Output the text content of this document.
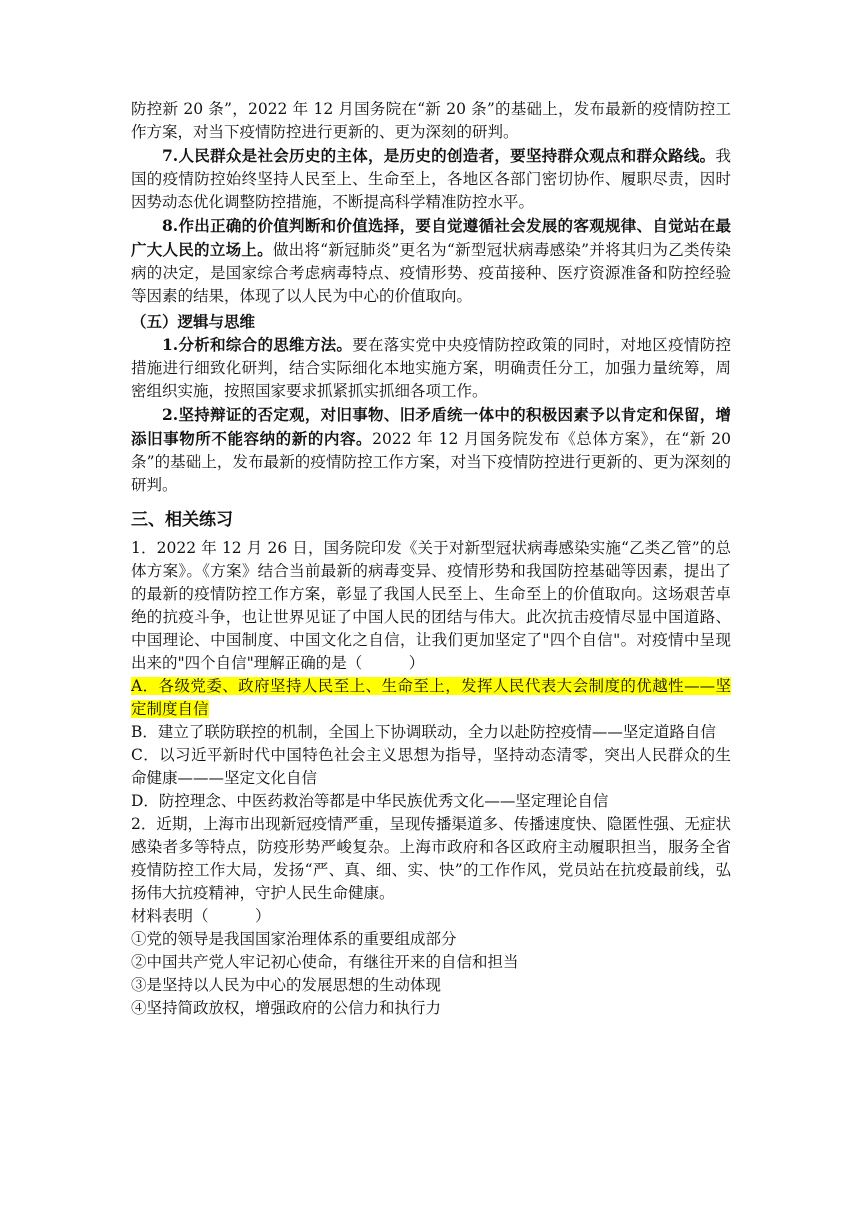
防控新 20 条”，2022 年 12 月国务院在“新 20 条”的基础上，发布最新的疫情防控工作方案，对当下疫情防控进行更新的、更为深刻的研判。

7.人民群众是社会历史的主体，是历史的创造者，要坚持群众观点和群众路线。我国的疫情防控始终坚持人民至上、生命至上，各地区各部门密切协作、履职尽责，因时因势动态优化调整防控措施，不断提高科学精准防控水平。

8.作出正确的价值判断和价值选择，要自觉遵循社会发展的客观规律、自觉站在最广大人民的立场上。做出将“新冠肺炎”更名为“新型冠状病毒感染”并将其归为乙类传染病的决定，是国家综合考虑病毒特点、疫情形势、疫苗接种、医疗资源准备和防控经验等因素的结果，体现了以人民为中心的价值取向。

（五）逻辑与思维

1.分析和综合的思维方法。要在落实党中央疫情防控政策的同时，对地区疫情防控措施进行细致化研判，结合实际细化本地实施方案，明确责任分工，加强力量统筹，周密组织实施，按照国家要求抓紧抓实抓细各项工作。

2.坚持辩证的否定观，对旧事物、旧矛盾统一体中的积极因素予以肯定和保留，增添旧事物所不能容纳的新的内容。2022 年 12 月国务院发布《总体方案》，在“新 20 条”的基础上，发布最新的疫情防控工作方案，对当下疫情防控进行更新的、更为深刻的研判。

三、相关练习

1．2022 年 12 月 26 日，国务院印发《关于对新型冠状病毒感染实施“乙类乙管”的总体方案》。《方案》结合当前最新的病毒变异、疫情形势和我国防控基础等因素，提出了的最新的疫情防控工作方案，彰显了我国人民至上、生命至上的价值取向。这场艰苦卓绝的抗疫斗争，也让世界见证了中国人民的团结与伟大。此次抗击疫情尽显中国道路、中国理论、中国制度、中国文化之自信，让我们更加坚定了"四个自信"。对疫情中呈现出来的"四个自信"理解正确的是（　　　）

A．各级党委、政府坚持人民至上、生命至上，发挥人民代表大会制度的优越性——坚定制度自信

B．建立了联防联控的机制，全国上下协调联动，全力以赴防控疫情——坚定道路自信

C．以习近平新时代中国特色社会主义思想为指导，坚持动态清零，突出人民群众的生命健康———坚定文化自信

D．防控理念、中医药救治等都是中华民族优秀文化——坚定理论自信

2．近期，上海市出现新冠疫情严重，呈现传播渠道多、传播速度快、隐匿性强、无症状感染者多等特点，防疫形势严峻复杂。上海市政府和各区政府主动履职担当，服务全省疫情防控工作大局，发扬“严、真、细、实、快”的工作作风，党员站在抗疫最前线，弘扬伟大抗疫精神，守护人民生命健康。

材料表明（　　　）

①党的领导是我国国家治理体系的重要组成部分

②中国共产党人牢记初心使命，有继往开来的自信和担当

③是坚持以人民为中心的发展思想的生动体现

④坚持简政放权，增强政府的公信力和执行力
